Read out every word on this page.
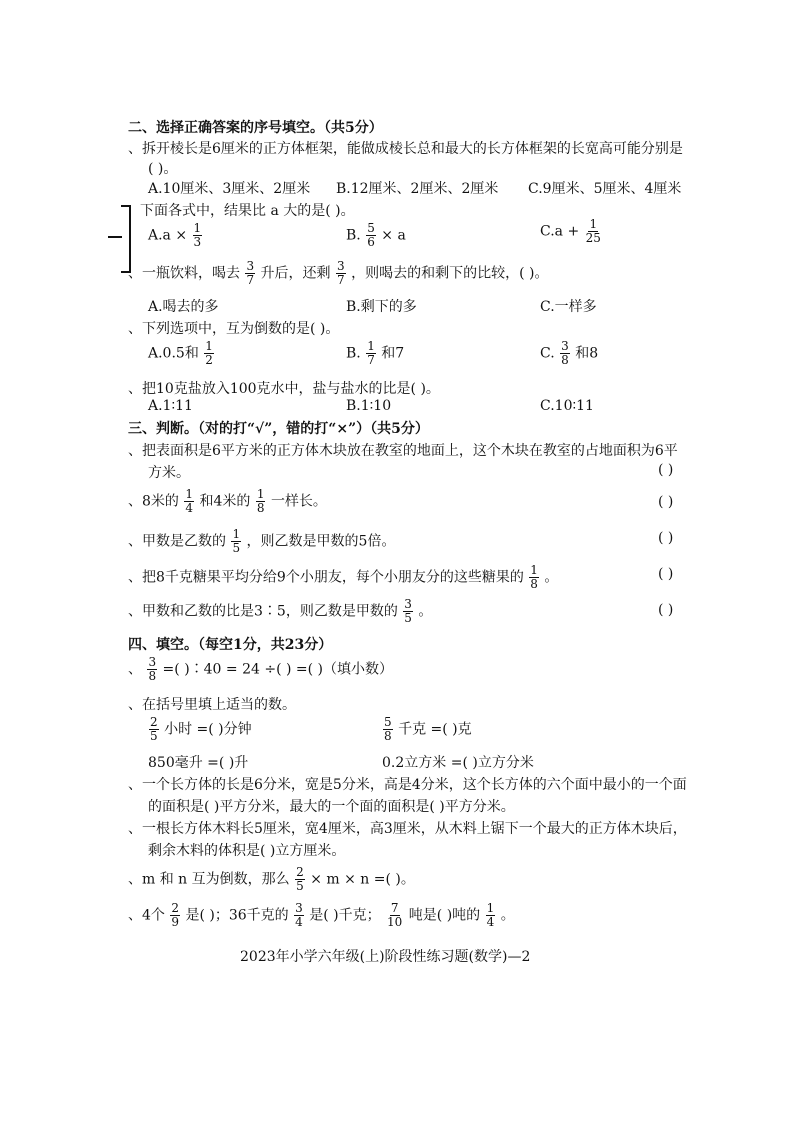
二、选择正确答案的序号填空。（共5分）
、拆开棱长是6厘米的正方体框架，能做成棱长总和最大的长方体框架的长宽高可能分别是
( )。
A.10厘米、3厘米、2厘米 B.12厘米、2厘米、2厘米 C.9厘米、5厘米、4厘米
下面各式中，结果比 a 大的是( )。
$A.a \times \frac{1}{3}$	B. $\frac{5}{6} \times a$	$C.a + \frac{1}{25}$
、一瓶饮料，喝去 $\frac{3}{7}$ 升后，还剩 $\frac{3}{7}$ ，则喝去的和剩下的比较，( )。
A.喝去的多	B.剩下的多	C.一样多
、下列选项中，互为倒数的是( )。
A.0.5和 $\frac{1}{2}$	B. $\frac{1}{7}$ 和7	C. $\frac{3}{8}$ 和8
、把10克盐放入100克水中，盐与盐水的比是( )。
A.1∶11	B.1∶10	C.10∶11
三、判断。（对的打“√”，错的打“×”）（共5分）
、把表面积是6平方米的正方体木块放在教室的地面上，这个木块在教室的占地面积为6平
方米。	( )
、8米的 $\frac{1}{4}$ 和4米的 $\frac{1}{8}$ 一样长。	( )
、甲数是乙数的 $\frac{1}{5}$ ，则乙数是甲数的5倍。	( )
、把8千克糖果平均分给9个小朋友，每个小朋友分的这些糖果的 $\frac{1}{8}$ 。	( )
、甲数和乙数的比是3∶5，则乙数是甲数的 $\frac{3}{5}$ 。	( )
四、填空。（每空1分，共23分）
、 $\frac{3}{8}$ =( )∶40 = 24 ÷( ) =( )（填小数）
、在括号里填上适当的数。
$\frac{2}{5}$ 小时 =( )分钟	$\frac{5}{8}$ 千克 =( )克
850毫升 =( )升	0.2立方米 =( )立方分米
、一个长方体的长是6分米，宽是5分米，高是4分米，这个长方体的六个面中最小的一个面
的面积是( )平方分米，最大的一个面的面积是( )平方分米。
、一根长方体木料长5厘米，宽4厘米，高3厘米，从木料上锯下一个最大的正方体木块后，
剩余木料的体积是( )立方厘米。
、m 和 n 互为倒数，那么 $\frac{2}{5} \times m \times n$ =( )。
、4个 $\frac{2}{9}$ 是( )；36千克的 $\frac{3}{4}$ 是( )千克； $\frac{7}{10}$ 吨是( )吨的 $\frac{1}{4}$ 。
2023年小学六年级(上)阶段性练习题(数学)—2
